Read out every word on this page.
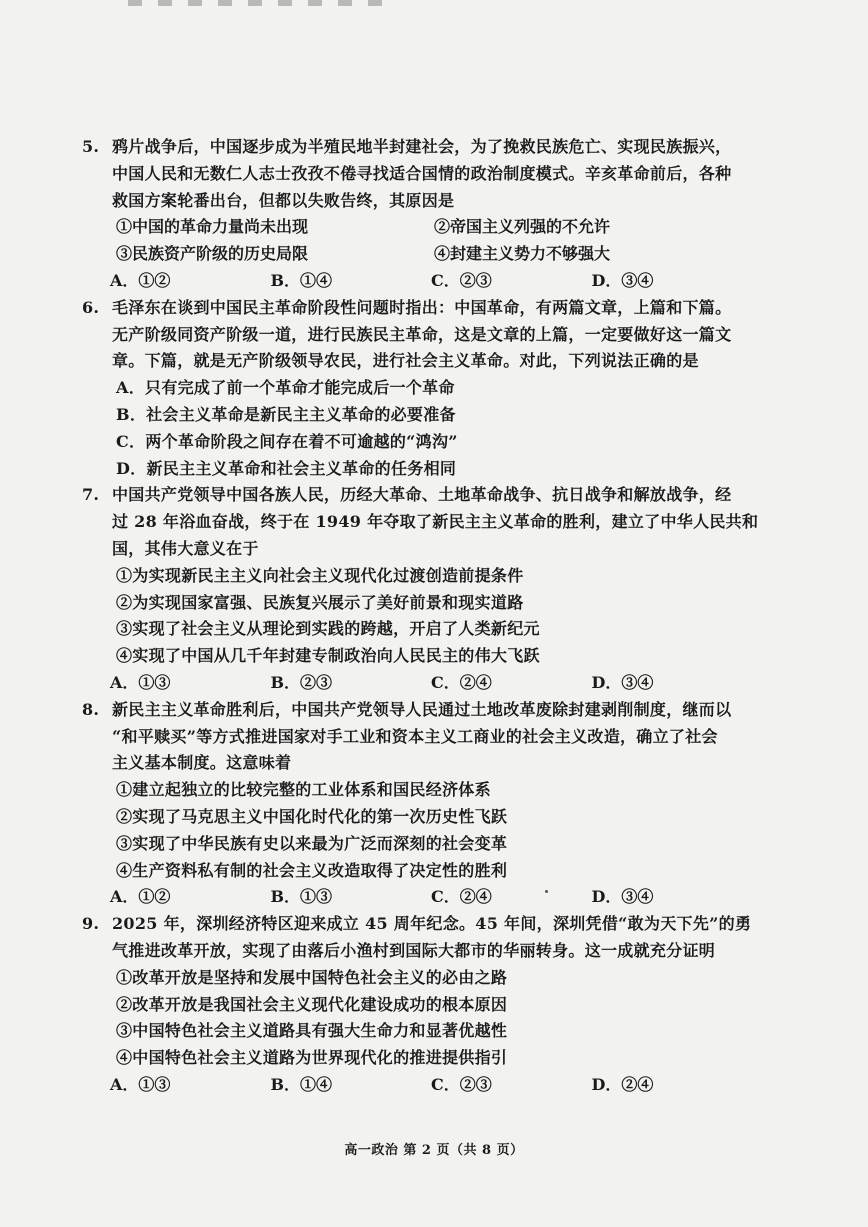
5. 鸦片战争后，中国逐步成为半殖民地半封建社会，为了挽救民族危亡、实现民族振兴，
中国人民和无数仁人志士孜孜不倦寻找适合国情的政治制度模式。辛亥革命前后，各种
救国方案轮番出台，但都以失败告终，其原因是
①中国的革命力量尚未出现	②帝国主义列强的不允许
③民族资产阶级的历史局限	④封建主义势力不够强大
A．①②	B．①④	C．②③	D．③④
6. 毛泽东在谈到中国民主革命阶段性问题时指出：中国革命，有两篇文章，上篇和下篇。
无产阶级同资产阶级一道，进行民族民主革命，这是文章的上篇，一定要做好这一篇文
章。下篇，就是无产阶级领导农民，进行社会主义革命。对此，下列说法正确的是
A．只有完成了前一个革命才能完成后一个革命
B．社会主义革命是新民主主义革命的必要准备
C．两个革命阶段之间存在着不可逾越的“鸿沟”
D．新民主主义革命和社会主义革命的任务相同
7. 中国共产党领导中国各族人民，历经大革命、土地革命战争、抗日战争和解放战争，经
过 28 年浴血奋战，终于在 1949 年夺取了新民主主义革命的胜利，建立了中华人民共和
国，其伟大意义在于
①为实现新民主主义向社会主义现代化过渡创造前提条件
②为实现国家富强、民族复兴展示了美好前景和现实道路
③实现了社会主义从理论到实践的跨越，开启了人类新纪元
④实现了中国从几千年封建专制政治向人民民主的伟大飞跃
A．①③	B．②③	C．②④	D．③④
8. 新民主主义革命胜利后，中国共产党领导人民通过土地改革废除封建剥削制度，继而以
“和平赎买”等方式推进国家对手工业和资本主义工商业的社会主义改造，确立了社会
主义基本制度。这意味着
①建立起独立的比较完整的工业体系和国民经济体系
②实现了马克思主义中国化时代化的第一次历史性飞跃
③实现了中华民族有史以来最为广泛而深刻的社会变革
④生产资料私有制的社会主义改造取得了决定性的胜利
A．①②	B．①③	C．②④	D．③④
9. 2025 年，深圳经济特区迎来成立 45 周年纪念。45 年间，深圳凭借“敢为天下先”的勇
气推进改革开放，实现了由落后小渔村到国际大都市的华丽转身。这一成就充分证明
①改革开放是坚持和发展中国特色社会主义的必由之路
②改革开放是我国社会主义现代化建设成功的根本原因
③中国特色社会主义道路具有强大生命力和显著优越性
④中国特色社会主义道路为世界现代化的推进提供指引
A．①③	B．①④	C．②③	D．②④
高一政治 第 2 页（共 8 页）
